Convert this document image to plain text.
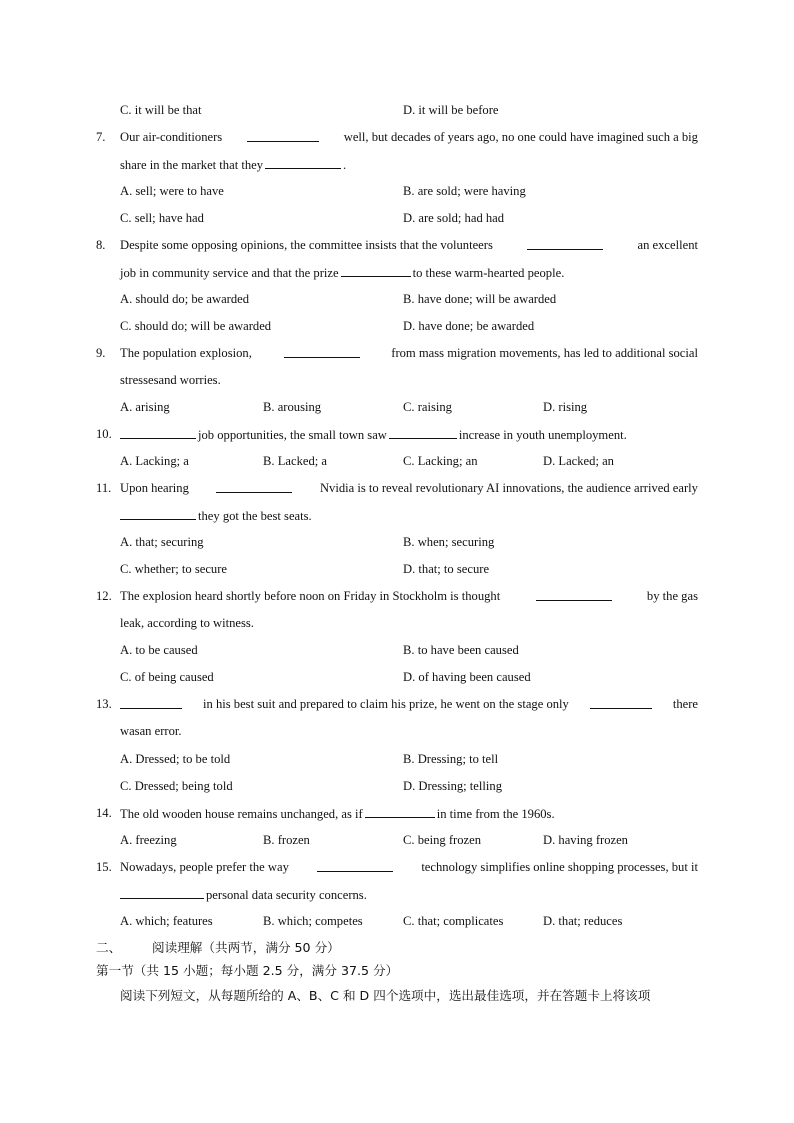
C. it will be that	D. it will be before
7. Our air-conditioners	well, but decades of years ago, no one could have imagined such a big
share in the market that they	.
A. sell; were to have	B. are sold; were having
C. sell; have had	D. are sold; had had
8. Despite some opposing opinions, the committee insists that the volunteers	an excellent
job in community service and that the prize	to these warm-hearted people.
A. should do; be awarded	B. have done; will be awarded
C. should do; will be awarded	D. have done; be awarded
9. The population explosion,	from mass migration movements, has led to additional social
stressesand worries.
A. arising	B. arousing	C. raising	D. rising
10.	job opportunities, the small town saw	increase in youth unemployment.
A. Lacking; a	B. Lacked; a	C. Lacking; an	D. Lacked; an
11. Upon hearing	Nvidia is to reveal revolutionary AI innovations, the audience arrived early
they got the best seats.
A. that; securing	B. when; securing
C. whether; to secure	D. that; to secure
12. The explosion heard shortly before noon on Friday in Stockholm is thought	by the gas
leak, according to witness.
A. to be caused	B. to have been caused
C. of being caused	D. of having been caused
13.	in his best suit and prepared to claim his prize, he went on the stage only	there
wasan error.
A. Dressed; to be told	B. Dressing; to tell
C. Dressed; being told	D. Dressing; telling
14. The old wooden house remains unchanged, as if	in time from the 1960s.
A. freezing	B. frozen	C. being frozen	D. having frozen
15. Nowadays, people prefer the way	technology simplifies online shopping processes, but it
personal data security concerns.
A. which; features	B. which; competes	C. that; complicates	D. that; reduces
二、 阅读理解（共两节，满分 50 分）
第一节（共 15 小题；每小题 2.5 分，满分 37.5 分）
阅读下列短文，从每题所给的 A、B、C 和 D 四个选项中，选出最佳选项，并在答题卡上将该项
